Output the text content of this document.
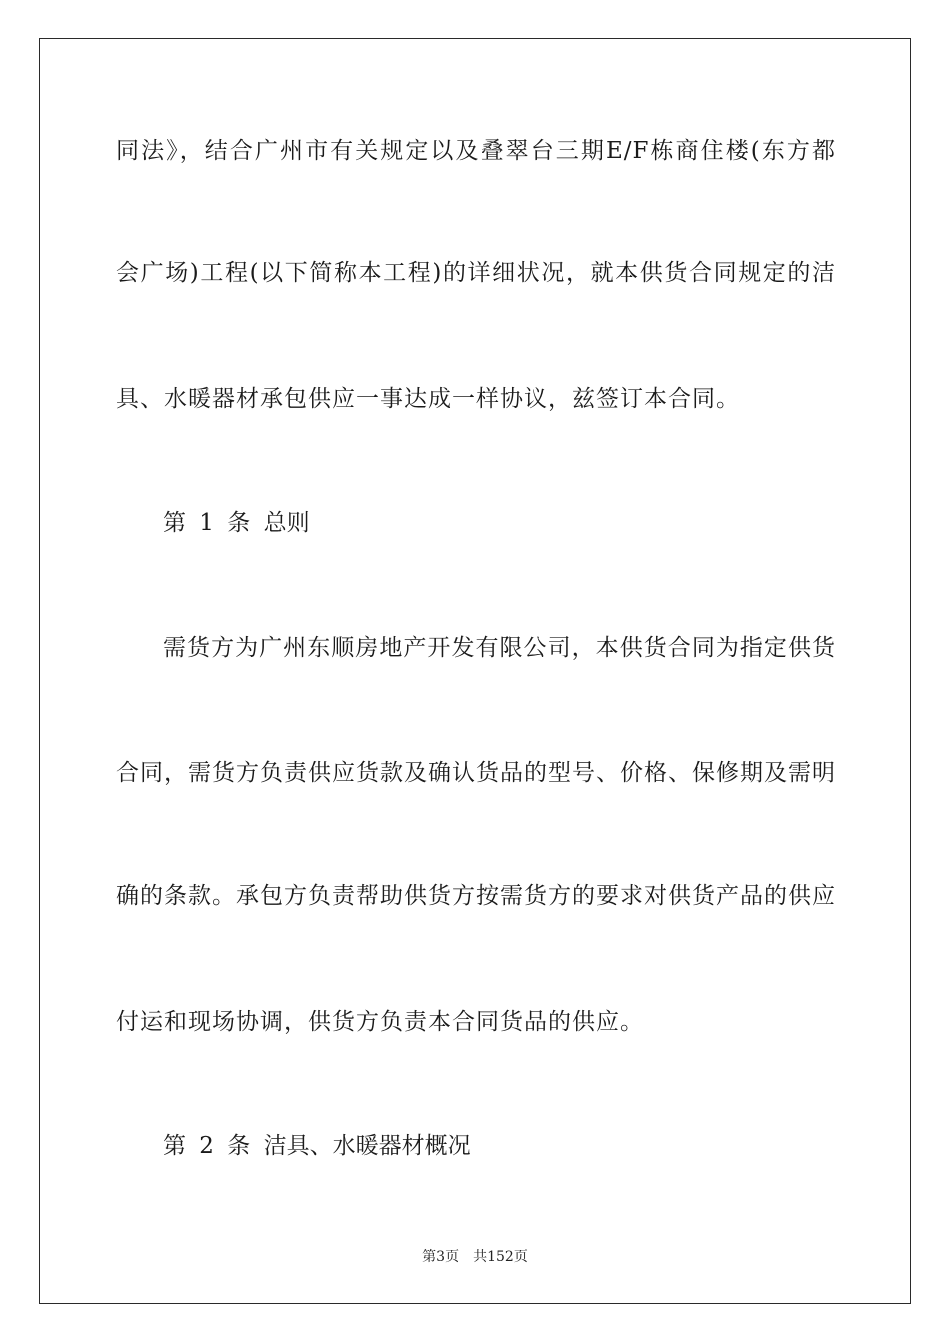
同法》，结合广州市有关规定以及叠翠台三期E/F栋商住楼(东方都
会广场)工程(以下简称本工程)的详细状况，就本供货合同规定的洁
具、水暖器材承包供应一事达成一样协议，兹签订本合同。
第 1 条 总则
需货方为广州东顺房地产开发有限公司，本供货合同为指定供货
合同，需货方负责供应货款及确认货品的型号、价格、保修期及需明
确的条款。承包方负责帮助供货方按需货方的要求对供货产品的供应
付运和现场协调，供货方负责本合同货品的供应。
第 2 条 洁具、水暖器材概况
第3页 共152页
